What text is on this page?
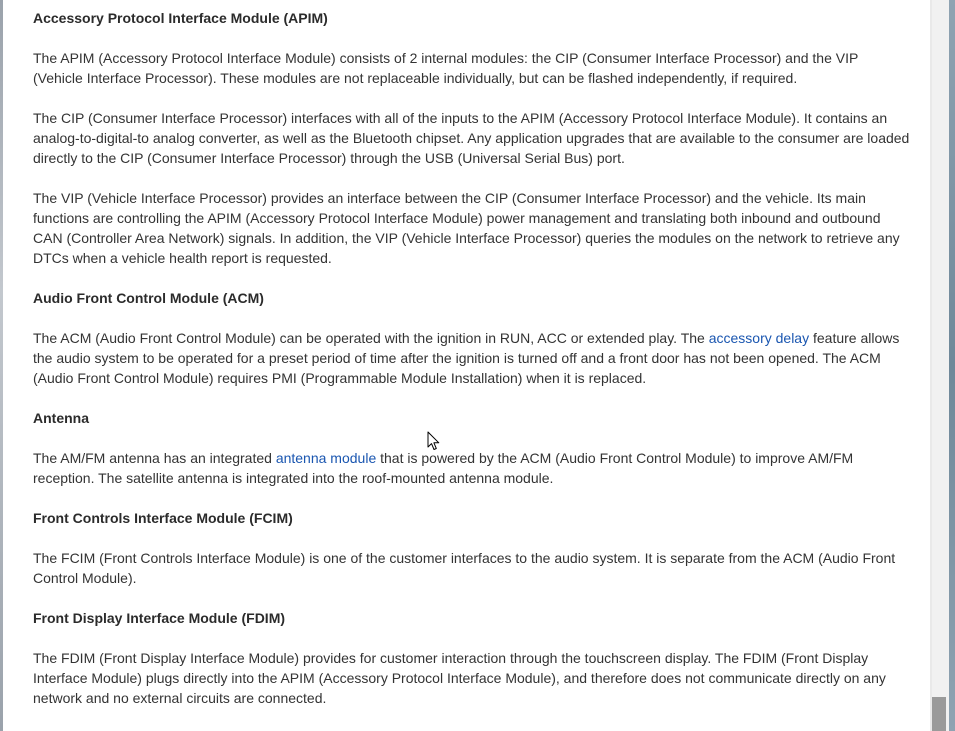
Accessory Protocol Interface Module (APIM)

The APIM (Accessory Protocol Interface Module) consists of 2 internal modules: the CIP (Consumer Interface Processor) and the VIP (Vehicle Interface Processor). These modules are not replaceable individually, but can be flashed independently, if required.

The CIP (Consumer Interface Processor) interfaces with all of the inputs to the APIM (Accessory Protocol Interface Module). It contains an analog-to-digital-to analog converter, as well as the Bluetooth chipset. Any application upgrades that are available to the consumer are loaded directly to the CIP (Consumer Interface Processor) through the USB (Universal Serial Bus) port.

The VIP (Vehicle Interface Processor) provides an interface between the CIP (Consumer Interface Processor) and the vehicle. Its main functions are controlling the APIM (Accessory Protocol Interface Module) power management and translating both inbound and outbound CAN (Controller Area Network) signals. In addition, the VIP (Vehicle Interface Processor) queries the modules on the network to retrieve any DTCs when a vehicle health report is requested.

Audio Front Control Module (ACM)

The ACM (Audio Front Control Module) can be operated with the ignition in RUN, ACC or extended play. The accessory delay feature allows the audio system to be operated for a preset period of time after the ignition is turned off and a front door has not been opened. The ACM (Audio Front Control Module) requires PMI (Programmable Module Installation) when it is replaced.

Antenna

The AM/FM antenna has an integrated antenna module that is powered by the ACM (Audio Front Control Module) to improve AM/FM reception. The satellite antenna is integrated into the roof-mounted antenna module.

Front Controls Interface Module (FCIM)

The FCIM (Front Controls Interface Module) is one of the customer interfaces to the audio system. It is separate from the ACM (Audio Front Control Module).

Front Display Interface Module (FDIM)

The FDIM (Front Display Interface Module) provides for customer interaction through the touchscreen display. The FDIM (Front Display Interface Module) plugs directly into the APIM (Accessory Protocol Interface Module), and therefore does not communicate directly on any network and no external circuits are connected.
